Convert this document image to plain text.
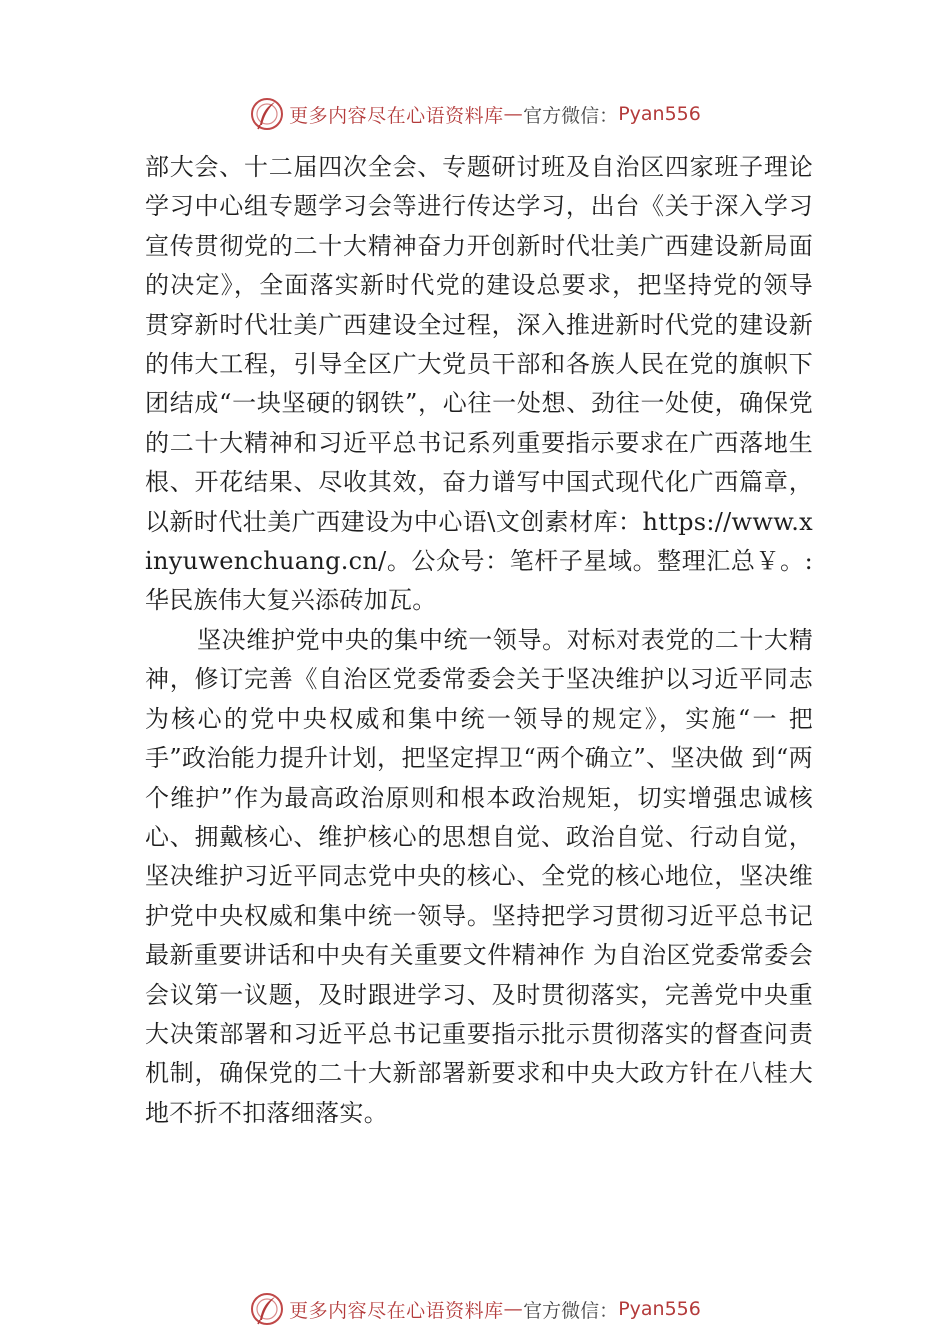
更多内容尽在心语资料库 — 官方微信： Pyan556

部大会、十二届四次全会、专题研讨班及自治区四家班子理论学习中心组专题学习会等进行传达学习，出台《关于深入学习宣传贯彻党的二十大精神奋力开创新时代壮美广西建设新局面的决定》，全面落实新时代党的建设总要求，把坚持党的领导贯穿新时代壮美广西建设全过程，深入推进新时代党的建设新的伟大工程，引导全区广大党员干部和各族人民在党的旗帜下团结成“一块坚硬的钢铁”，心往一处想、劲往一处使，确保党的二十大精神和习近平总书记系列重要指示要求在广西落地生根、开花结果、尽收其效，奋力谱写中国式现代化广西篇章，以新时代壮美广西建设为中心语\文创素材库：https://www.xinyuwenchuang.cn/。公众号：笔杆子星域。整理汇总￥。:华民族伟大复兴添砖加瓦。

坚决维护党中央的集中统一领导。对标对表党的二十大精神，修订完善《自治区党委常委会关于坚决维护以习近平同志为核心的党中央权威和集中统一领导的规定》，实施“一 把手”政治能力提升计划，把坚定捍卫“两个确立”、坚决做 到“两个维护”作为最高政治原则和根本政治规矩，切实增强忠诚核心、拥戴核心、维护核心的思想自觉、政治自觉、行动自觉，坚决维护习近平同志党中央的核心、全党的核心地位，坚决维护党中央权威和集中统一领导。坚持把学习贯彻习近平总书记最新重要讲话和中央有关重要文件精神作 为自治区党委常委会会议第一议题，及时跟进学习、及时贯彻落实，完善党中央重大决策部署和习近平总书记重要指示批示贯彻落实的督查问责机制，确保党的二十大新部署新要求和中央大政方针在八桂大地不折不扣落细落实。

更多内容尽在心语资料库 — 官方微信： Pyan556
